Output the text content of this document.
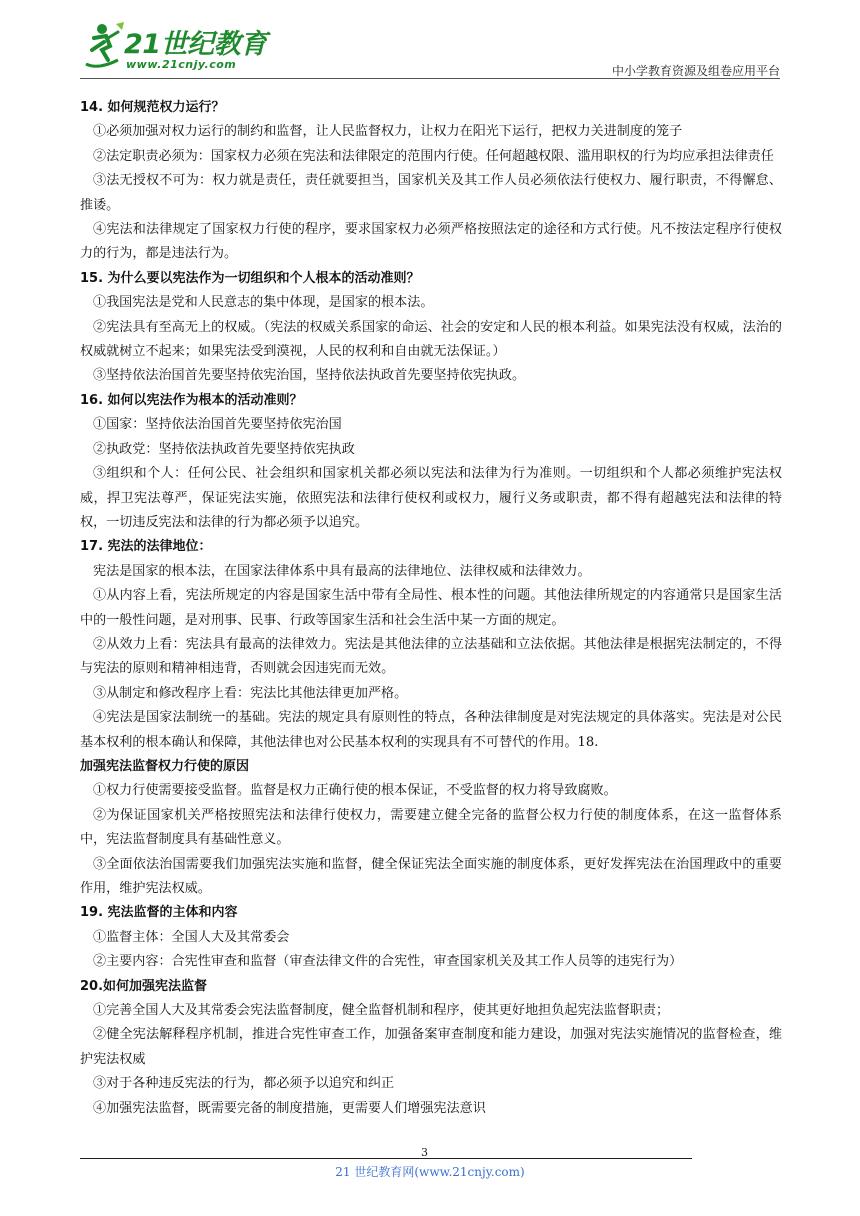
21世纪教育
www.21cnjy.com	中小学教育资源及组卷应用平台

14. 如何规范权力运行？

①必须加强对权力运行的制约和监督，让人民监督权力，让权力在阳光下运行，把权力关进制度的笼子

②法定职责必须为：国家权力必须在宪法和法律限定的范围内行使。任何超越权限、滥用职权的行为均应承担法律责任

③法无授权不可为：权力就是责任，责任就要担当，国家机关及其工作人员必须依法行使权力、履行职责，不得懈怠、推诿。

④宪法和法律规定了国家权力行使的程序，要求国家权力必须严格按照法定的途径和方式行使。凡不按法定程序行使权力的行为，都是违法行为。

15. 为什么要以宪法作为一切组织和个人根本的活动准则？

①我国宪法是党和人民意志的集中体现，是国家的根本法。

②宪法具有至高无上的权威。（宪法的权威关系国家的命运、社会的安定和人民的根本利益。如果宪法没有权威，法治的权威就树立不起来；如果宪法受到漠视，人民的权利和自由就无法保证。）

③坚持依法治国首先要坚持依宪治国，坚持依法执政首先要坚持依宪执政。

16. 如何以宪法作为根本的活动准则？

①国家：坚持依法治国首先要坚持依宪治国

②执政党：坚持依法执政首先要坚持依宪执政

③组织和个人：任何公民、社会组织和国家机关都必须以宪法和法律为行为准则。一切组织和个人都必须维护宪法权威，捍卫宪法尊严，保证宪法实施，依照宪法和法律行使权利或权力，履行义务或职责，都不得有超越宪法和法律的特权，一切违反宪法和法律的行为都必须予以追究。

17. 宪法的法律地位：

宪法是国家的根本法，在国家法律体系中具有最高的法律地位、法律权威和法律效力。

①从内容上看，宪法所规定的内容是国家生活中带有全局性、根本性的问题。其他法律所规定的内容通常只是国家生活中的一般性问题，是对刑事、民事、行政等国家生活和社会生活中某一方面的规定。

②从效力上看：宪法具有最高的法律效力。宪法是其他法律的立法基础和立法依据。其他法律是根据宪法制定的，不得与宪法的原则和精神相违背，否则就会因违宪而无效。

③从制定和修改程序上看：宪法比其他法律更加严格。

④宪法是国家法制统一的基础。宪法的规定具有原则性的特点，各种法律制度是对宪法规定的具体落实。宪法是对公民基本权利的根本确认和保障，其他法律也对公民基本权利的实现具有不可替代的作用。18.

加强宪法监督权力行使的原因

①权力行使需要接受监督。监督是权力正确行使的根本保证，不受监督的权力将导致腐败。

②为保证国家机关严格按照宪法和法律行使权力，需要建立健全完备的监督公权力行使的制度体系，在这一监督体系中，宪法监督制度具有基础性意义。

③全面依法治国需要我们加强宪法实施和监督，健全保证宪法全面实施的制度体系，更好发挥宪法在治国理政中的重要作用，维护宪法权威。

19. 宪法监督的主体和内容

①监督主体：全国人大及其常委会

②主要内容：合宪性审查和监督（审查法律文件的合宪性，审查国家机关及其工作人员等的违宪行为）

20.如何加强宪法监督

①完善全国人大及其常委会宪法监督制度，健全监督机制和程序，使其更好地担负起宪法监督职责；

②健全宪法解释程序机制，推进合宪性审查工作，加强备案审查制度和能力建设，加强对宪法实施情况的监督检查，维护宪法权威

③对于各种违反宪法的行为，都必须予以追究和纠正

④加强宪法监督，既需要完备的制度措施，更需要人们增强宪法意识

3
21 世纪教育网(www.21cnjy.com)
